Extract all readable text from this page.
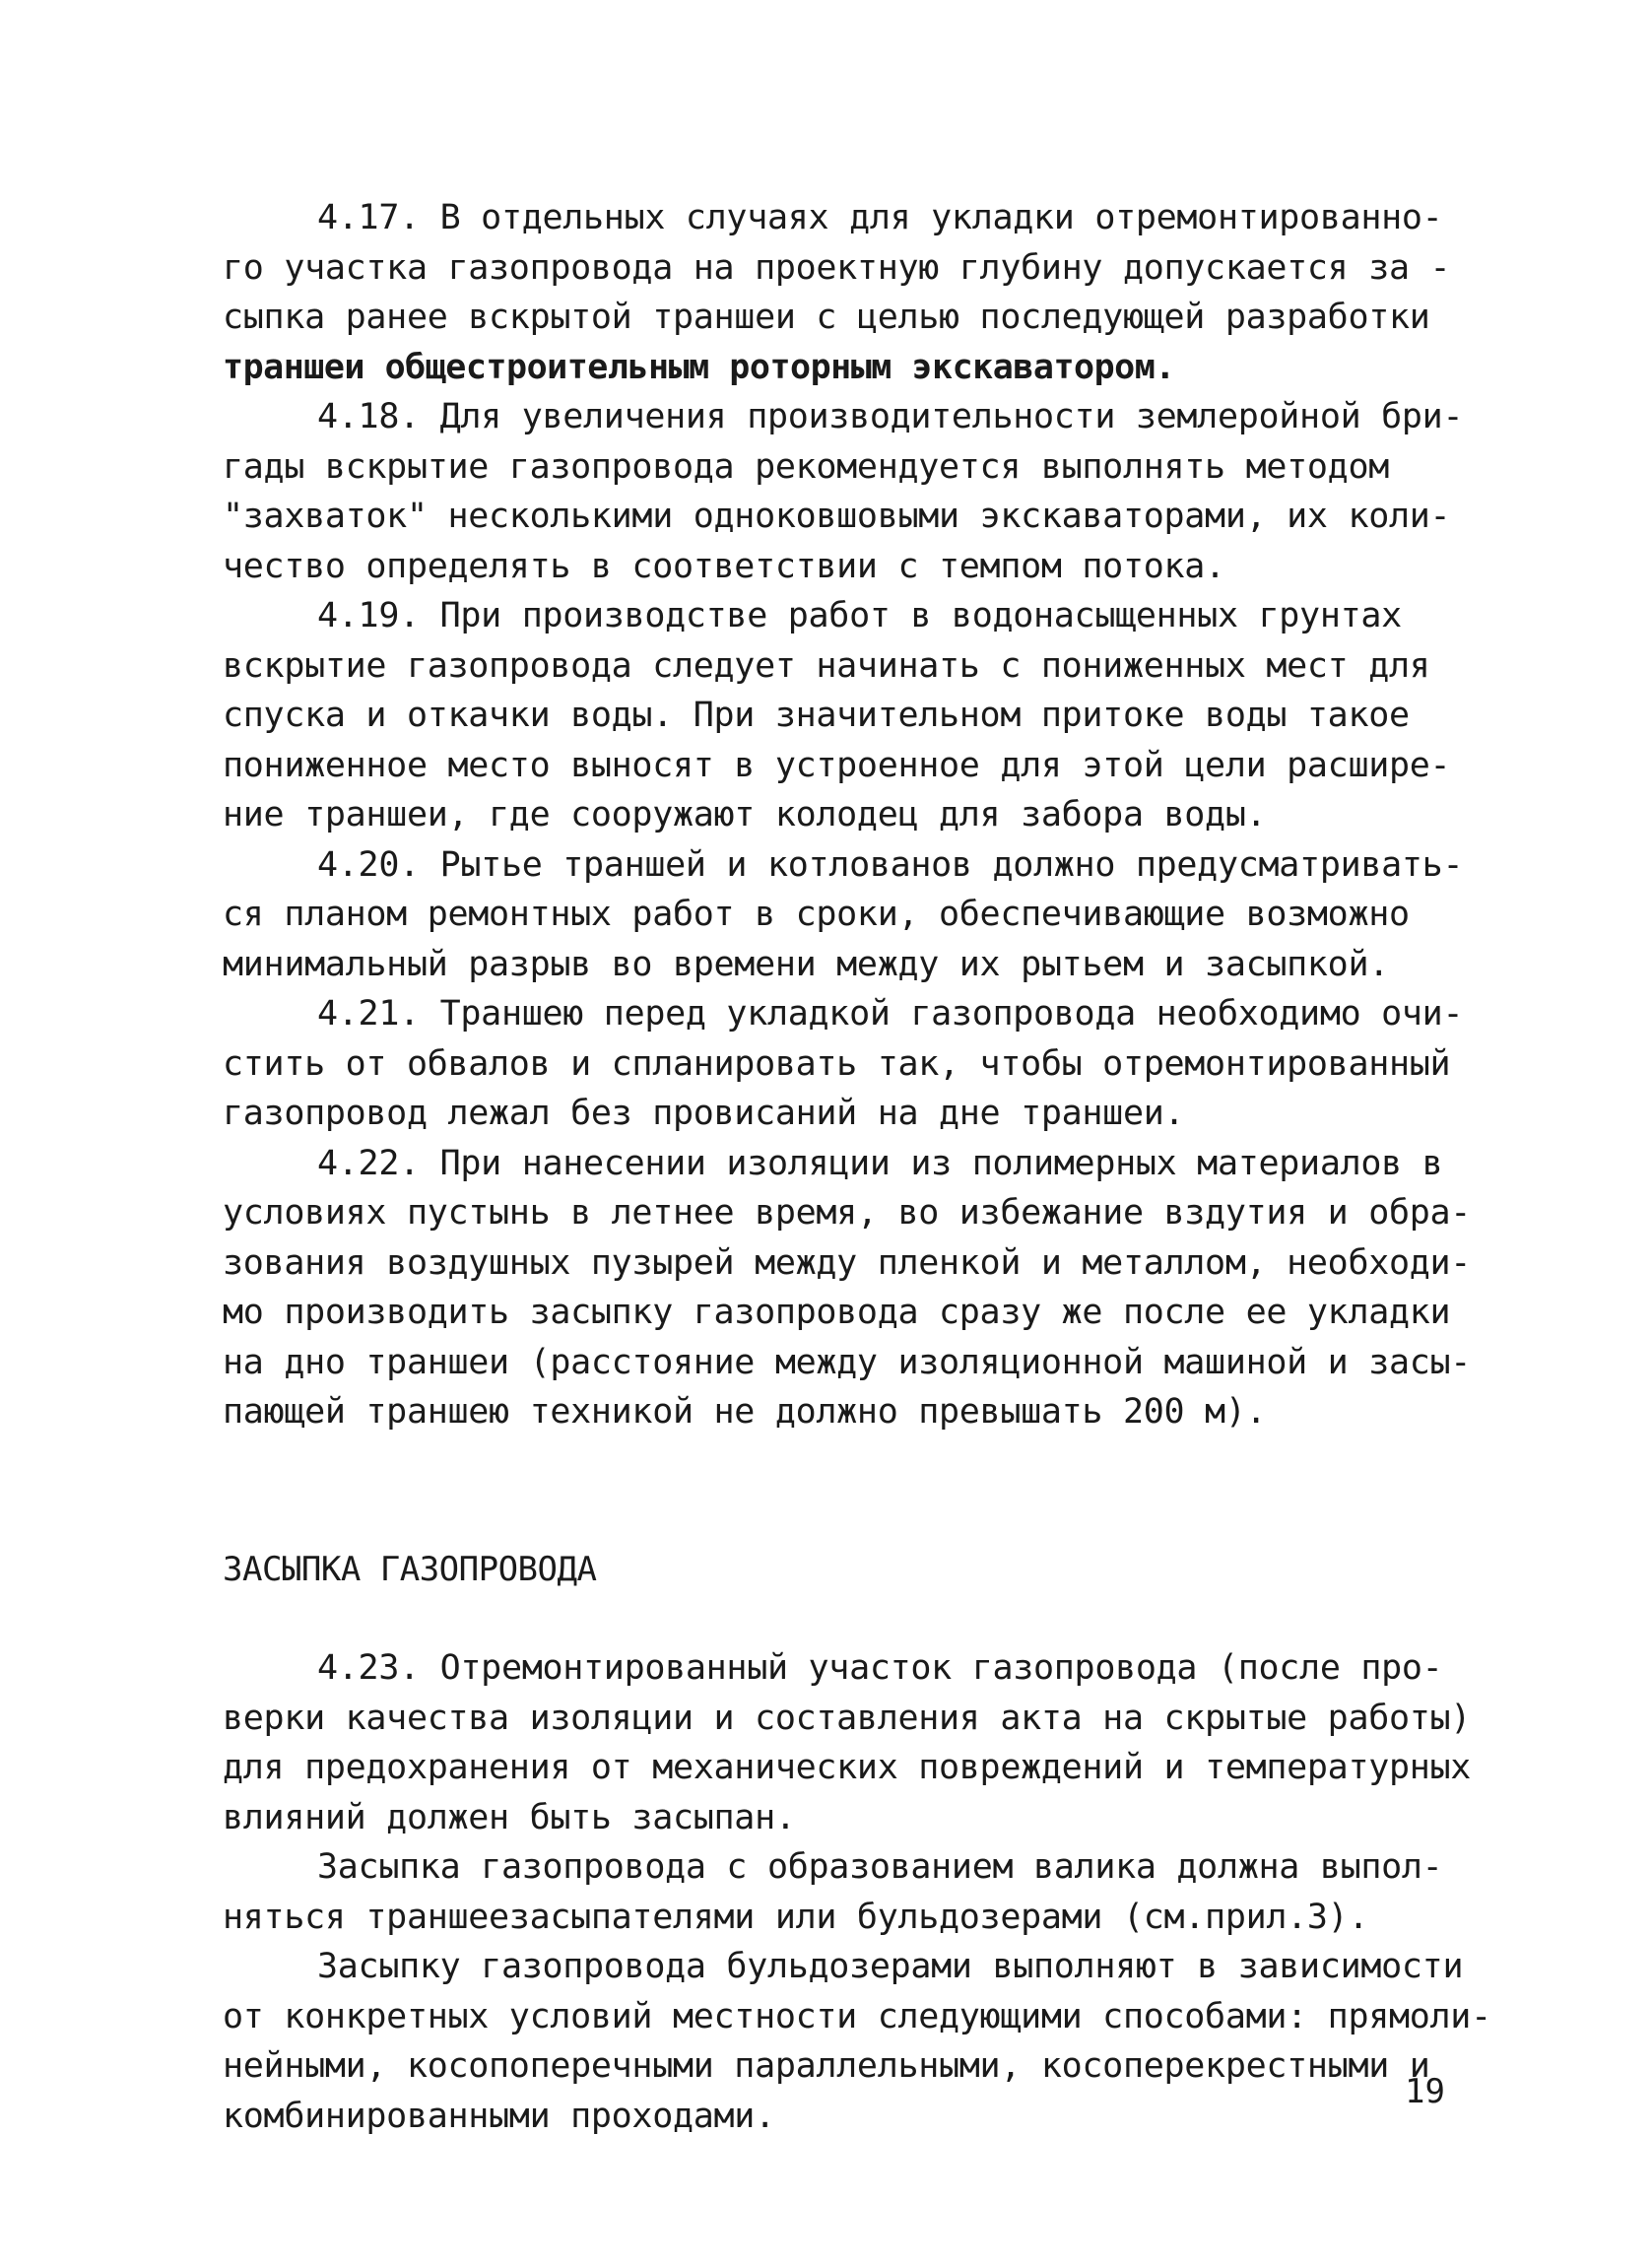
ЗАСЫПКА ГАЗОПРОВОДА
19
4.17. В отдельных случаях для укладки отремонтированно-
го участка газопровода на проектную глубину допускается за -
сыпка ранее вскрытой траншеи с целью последующей разработки
траншеи общестроительным роторным экскаватором.
4.18. Для увеличения производительности землеройной бри-
гады вскрытие газопровода рекомендуется выполнять методом
"захваток" несколькими одноковшовыми экскаваторами, их коли-
чество определять в соответствии с темпом потока.
4.19. При производстве работ в водонасыщенных грунтах
вскрытие газопровода следует начинать с пониженных мест для
спуска и откачки воды. При значительном притоке воды такое
пониженное место выносят в устроенное для этой цели расшире-
ние траншеи, где сооружают колодец для забора воды.
4.20. Рытье траншей и котлованов должно предусматривать-
ся планом ремонтных работ в сроки, обеспечивающие возможно
минимальный разрыв во времени между их рытьем и засыпкой.
4.21. Траншею перед укладкой газопровода необходимо очи-
стить от обвалов и спланировать так, чтобы отремонтированный
газопровод лежал без провисаний на дне траншеи.
4.22. При нанесении изоляции из полимерных материалов в
условиях пустынь в летнее время, во избежание вздутия и обра-
зования воздушных пузырей между пленкой и металлом, необходи-
мо производить засыпку газопровода сразу же после ее укладки
на дно траншеи (расстояние между изоляционной машиной и засы-
пающей траншею техникой не должно превышать 200 м).
4.23. Отремонтированный участок газопровода (после про-
верки качества изоляции и составления акта на скрытые работы)
для предохранения от механических повреждений и температурных
влияний должен быть засыпан.
Засыпка газопровода с образованием валика должна выпол-
няться траншеезасыпателями или бульдозерами (см.прил.3).
Засыпку газопровода бульдозерами выполняют в зависимости
от конкретных условий местности следующими способами: прямоли-
нейными, косопоперечными параллельными, косоперекрестными и
комбинированными проходами.
